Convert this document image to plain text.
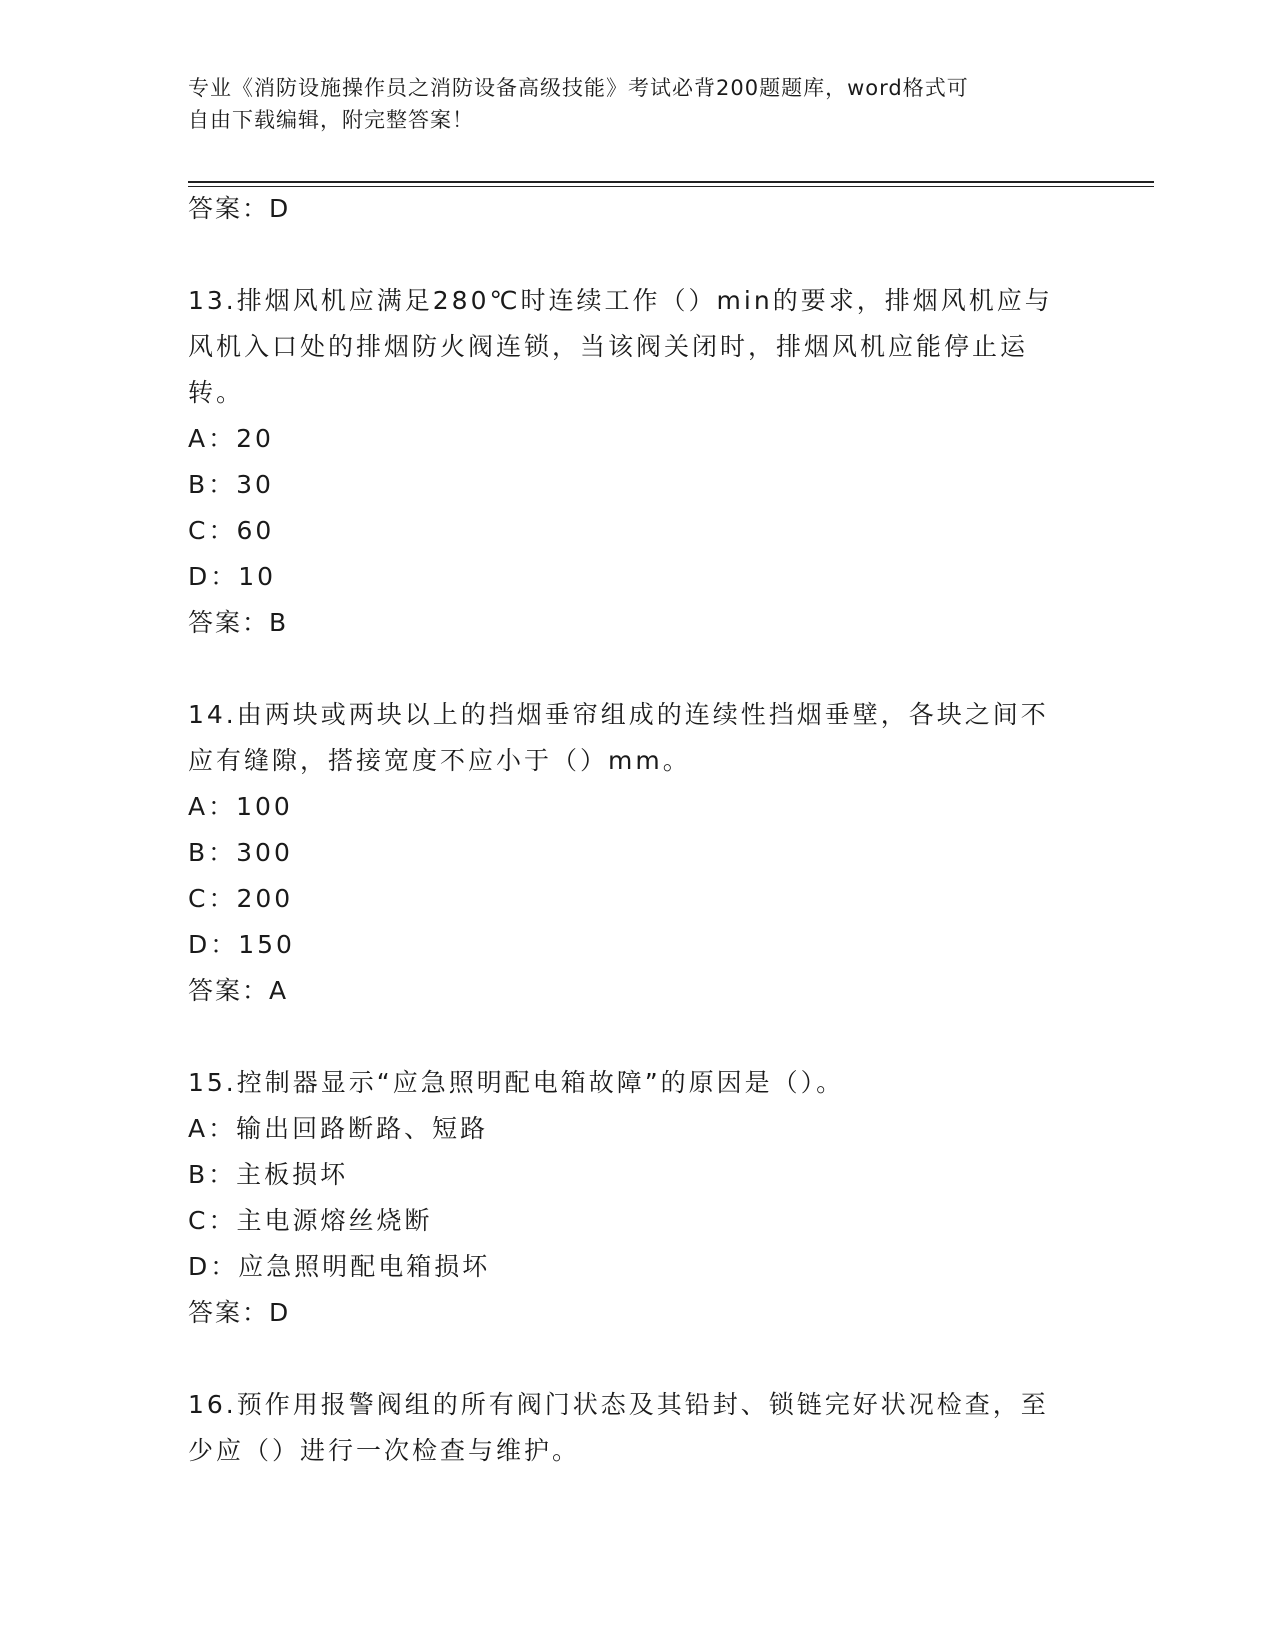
专业《消防设施操作员之消防设备高级技能》考试必背200题题库，word格式可
自由下载编辑，附完整答案！
答案：D
13.排烟风机应满足280℃时连续工作（）min的要求，排烟风机应与
风机入口处的排烟防火阀连锁，当该阀关闭时，排烟风机应能停止运
转。
A：20
B：30
C：60
D：10
答案：B
14.由两块或两块以上的挡烟垂帘组成的连续性挡烟垂壁，各块之间不
应有缝隙，搭接宽度不应小于（）mm。
A：100
B：300
C：200
D：150
答案：A
15.控制器显示“应急照明配电箱故障”的原因是（）。
A：输出回路断路、短路
B：主板损坏
C：主电源熔丝烧断
D：应急照明配电箱损坏
答案：D
16.预作用报警阀组的所有阀门状态及其铅封、锁链完好状况检查，至
少应（）进行一次检查与维护。
